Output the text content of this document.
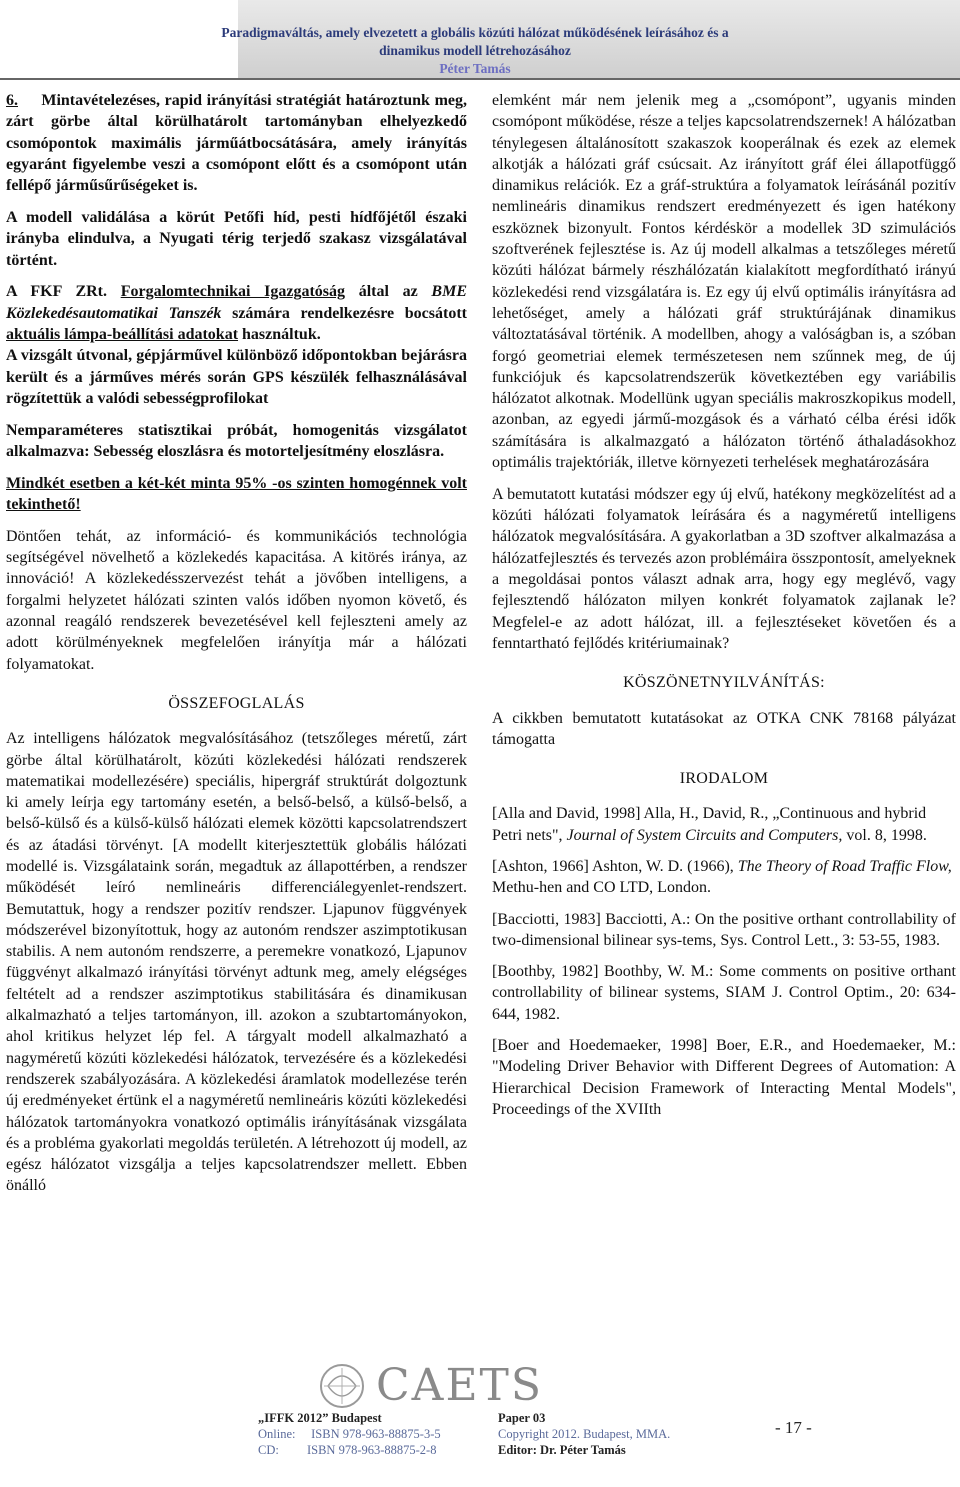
Paradigmaváltás, amely elvezetett a globális közúti hálózat működésének leírásához és a
dinamikus modell létrehozásához
Péter Tamás

6. Mintavételezéses, rapid irányítási stratégiát határoztunk meg, zárt görbe által körülhatárolt tartományban elhelyezkedő csomópontok maximális járműátbocsátására, amely irányítás egyaránt figyelembe veszi a csomópont előtt és a csomópont után fellépő járműsűrűségeket is.

A modell validálása a körút Petőfi híd, pesti hídfőjétől északi irányba elindulva, a Nyugati térig terjedő szakasz vizsgálatával történt.

A FKF ZRt. Forgalomtechnikai Igazgatóság által az BME Közlekedésautomatikai Tanszék számára rendelkezésre bocsátott aktuális lámpa-beállítási adatokat használtuk.
A vizsgált útvonal, gépjárművel különböző időpontokban bejárásra került és a járműves mérés során GPS készülék felhasználásával rögzítettük a valódi sebességprofilokat

Nemparaméteres statisztikai próbát, homogenitás vizsgálatot alkalmazva: Sebesség eloszlásra és motorteljesítmény eloszlásra.

Mindkét esetben a két-két minta 95% -os szinten homogénnek volt tekinthető!

Döntően tehát, az információ- és kommunikációs technológia segítségével növelhető a közlekedés kapacitása. A kitörés iránya, az innováció! A közlekedésszervezést tehát a jövőben intelligens, a forgalmi helyzetet hálózati szinten valós időben nyomon követő, és azonnal reagáló rendszerek bevezetésével kell fejleszteni amely az adott körülményeknek megfelelően irányítja már a hálózati folyamatokat.

ÖSSZEFOGLALÁS

Az intelligens hálózatok megvalósításához (tetszőleges méretű, zárt görbe által körülhatárolt, közúti közlekedési hálózati rendszerek matematikai modellezésére) speciális, hipergráf struktúrát dolgoztunk ki amely leírja egy tartomány esetén, a belső-belső, a külső-belső, a belső-külső és a külső-külső hálózati elemek közötti kapcsolatrendszert és az átadási törvényt. [A modellt kiterjesztettük globális hálózati modellé is. Vizsgálataink során, megadtuk az állapottérben, a rendszer működését leíró nemlineáris differenciálegyenlet-rendszert. Bemutattuk, hogy a rendszer pozitív rendszer. Ljapunov függvények módszerével bizonyítottuk, hogy az autonóm rendszer aszimptotikusan stabilis. A nem autonóm rendszerre, a peremekre vonatkozó, Ljapunov függvényt alkalmazó irányítási törvényt adtunk meg, amely elégséges feltételt ad a rendszer aszimptotikus stabilitására és dinamikusan alkalmazható a teljes tartományon, ill. azokon a szubtartományokon, ahol kritikus helyzet lép fel. A tárgyalt modell alkalmazható a nagyméretű közúti közlekedési hálózatok, tervezésére és a közlekedési rendszerek szabályozására. A közlekedési áramlatok modellezése terén új eredményeket értünk el a nagyméretű nemlineáris közúti közlekedési hálózatok tartományokra vonatkozó optimális irányításának vizsgálata és a probléma gyakorlati megoldás területén. A létrehozott új modell, az egész hálózatot vizsgálja a teljes kapcsolatrendszer mellett. Ebben önálló

elemként már nem jelenik meg a „csomópont”, ugyanis minden csomópont működése, része a teljes kapcsolatrendszernek! A hálózatban ténylegesen általánosított szakaszok kooperálnak és ezek az elemek alkotják a hálózati gráf csúcsait. Az irányított gráf élei állapotfüggő dinamikus relációk. Ez a gráf-struktúra a folyamatok leírásánál pozitív nemlineáris dinamikus rendszert eredményezett és igen hatékony eszköznek bizonyult. Fontos kérdéskör a modellek 3D szimulációs szoftverének fejlesztése is. Az új modell alkalmas a tetszőleges méretű közúti hálózat bármely részhálózatán kialakított megfordítható irányú közlekedési rend vizsgálatára is. Ez egy új elvű optimális irányításra ad lehetőséget, amely a hálózati gráf struktúrájának dinamikus változtatásával történik. A modellben, ahogy a valóságban is, a szóban forgó geometriai elemek természetesen nem szűnnek meg, de új funkciójuk és kapcsolatrendszerük következtében egy variábilis hálózatot alkotnak. Modellünk ugyan speciális makroszkopikus modell, azonban, az egyedi jármű-mozgások és a várható célba érési idők számítására is alkalmazgató a hálózaton történő áthaladásokhoz optimális trajektóriák, illetve környezeti terhelések meghatározására

A bemutatott kutatási módszer egy új elvű, hatékony megközelítést ad a közúti hálózati folyamatok leírására és a nagyméretű intelligens hálózatok megvalósítására. A gyakorlatban a 3D szoftver alkalmazása a hálózatfejlesztés és tervezés azon problémáira összpontosít, amelyeknek a megoldásai pontos választ adnak arra, hogy egy meglévő, vagy fejlesztendő hálózaton milyen konkrét folyamatok zajlanak le? Megfelel-e az adott hálózat, ill. a fejlesztéseket követően és a fenntartható fejlődés kritériumainak?

KÖSZÖNETNYILVÁNÍTÁS:

A cikkben bemutatott kutatásokat az OTKA CNK 78168 pályázat támogatta

IRODALOM

[Alla and David, 1998] Alla, H., David, R., „Continuous and hybrid Petri nets", Journal of System Circuits and Computers, vol. 8, 1998.

[Ashton, 1966] Ashton, W. D. (1966), The Theory of Road Traffic Flow, Methu-hen and CO LTD, London.

[Bacciotti, 1983] Bacciotti, A.: On the positive orthant controllability of two-dimensional bilinear sys-tems, Sys. Control Lett., 3: 53-55, 1983.

[Boothby, 1982] Boothby, W. M.: Some comments on positive orthant controllability of bilinear systems, SIAM J. Control Optim., 20: 634-644, 1982.

[Boer and Hoedemaeker, 1998] Boer, E.R., and Hoedemaeker, M.: "Modeling Driver Behavior with Different Degrees of Automation: A Hierarchical Decision Framework of Interacting Mental Models", Proceedings of the XVIIth

CAETS
„IFFK 2012” Budapest
Online: ISBN 978-963-88875-3-5
CD: ISBN 978-963-88875-2-8
Paper 03
Copyright 2012. Budapest, MMA.
Editor: Dr. Péter Tamás
- 17 -
